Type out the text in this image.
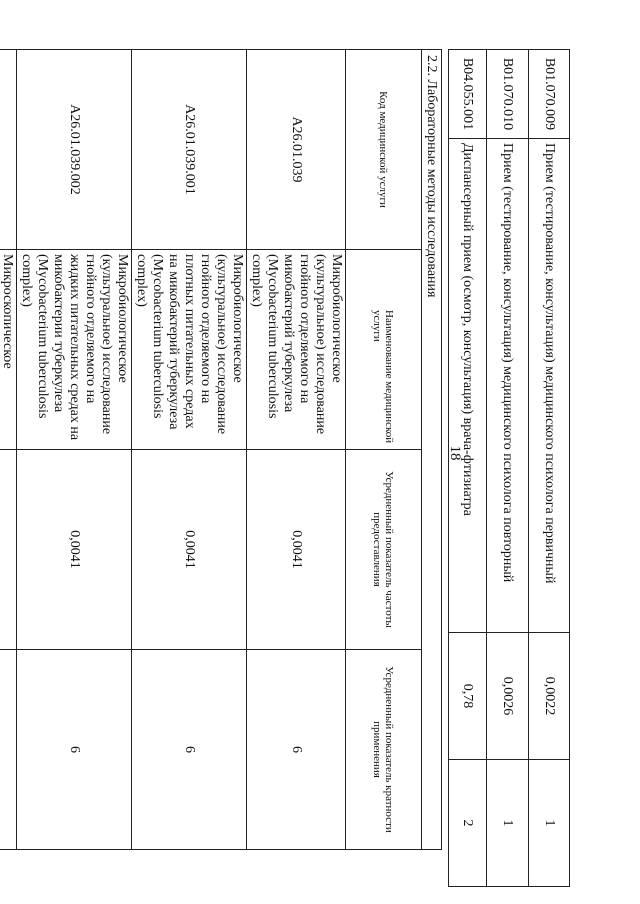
18
B01.070.009	Прием (тестирование, консультация) медицинского психолога первичный	0,0022	1
B01.070.010	Прием (тестирование, консультация) медицинского психолога повторный	0,0026	1
B04.055.001	Диспансерный прием (осмотр, консультация) врача-фтизиатра	0,78	2
2.2. Лабораторные методы исследования			
Код медицинской услуги	Наименование медицинской услуги	Усредненный показатель частоты предоставления	Усредненный показатель кратности применения
A26.01.039	Микробиологическое (культуральное) исследование гнойного отделяемого на микобактерий туберкулеза (Mycobacterium tuberculosis complex)	0,0041	6
A26.01.039.001	Микробиологическое (культуральное) исследование гнойного отделяемого на плотных питательных средах на микобактерий туберкулеза (Mycobacterium tuberculosis complex)	0,0041	6
A26.01.039.002	Микробиологическое (культуральное) исследование гнойного отделяемого на жидких питательных средах на микобактерии туберкулеза (Mycobacterium tuberculosis complex)	0,0041	6
	Микроскопическое		
